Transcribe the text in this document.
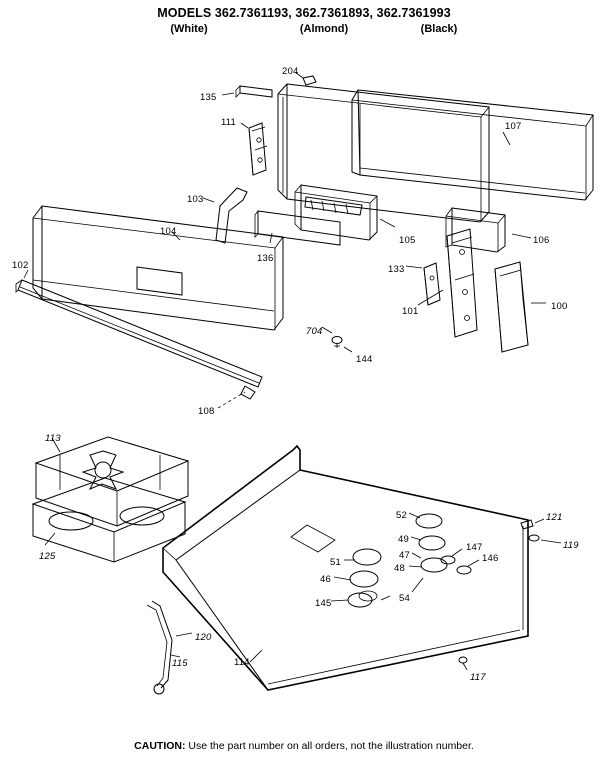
MODELS 362.7361193, 362.7361893, 362.7361993
(White)	(Almond)	(Black)
204
135
111	107
103
104
105	106
136
133
102
100
101
704
144
108
113
125
52	121
49
119
147
146
47
51
48
46
54
145
120
115	114
117
CAUTION: Use the part number on all orders, not the illustration number.
